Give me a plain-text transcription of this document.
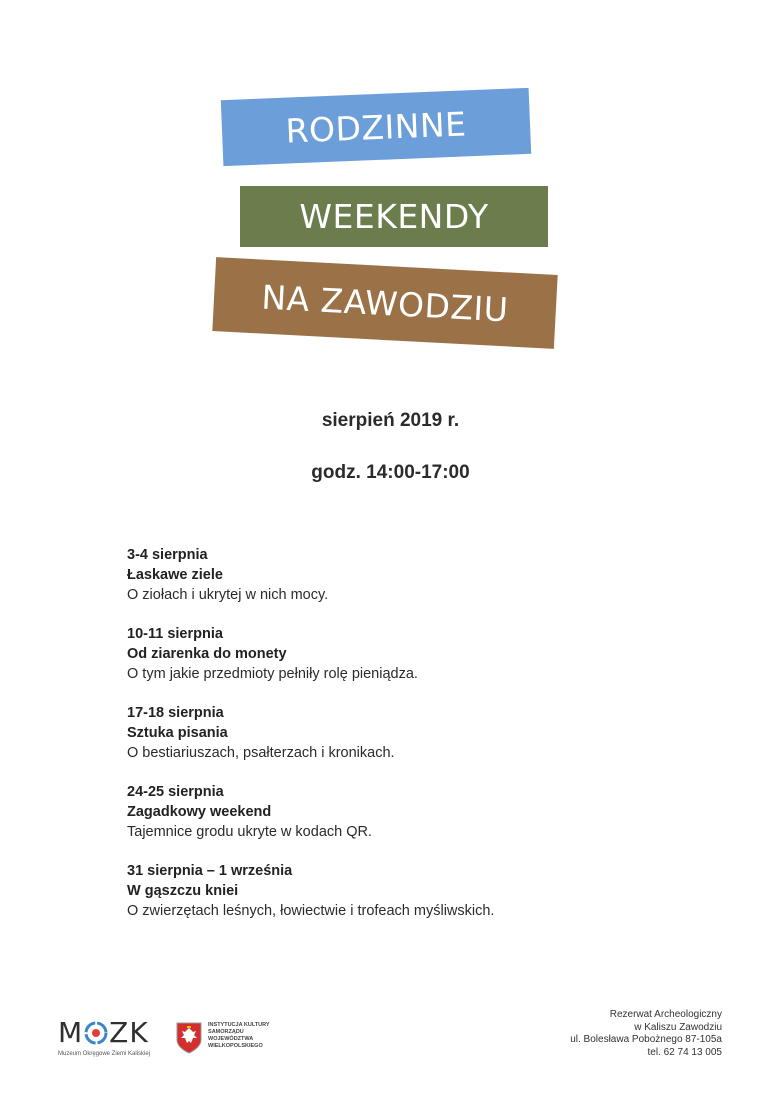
RODZINNE
WEEKENDY
NA ZAWODZIU
sierpień 2019 r.
godz. 14:00-17:00
3-4 sierpnia
Łaskawe ziele
O ziołach i ukrytej w nich mocy.
10-11 sierpnia
Od ziarenka do monety
O tym jakie przedmioty pełniły rolę pieniądza.
17-18 sierpnia
Sztuka pisania
O bestiariuszach, psałterzach i kronikach.
24-25 sierpnia
Zagadkowy weekend
Tajemnice grodu ukryte w kodach QR.
31 sierpnia – 1 września
W gąszczu kniei
O zwierzętach leśnych, łowiectwie i trofeach myśliwskich.
M ZK
Muzeum Okręgowe Ziemi Kaliskiej
INSTYTUCJA KULTURY SAMORZĄDU WOJEWÓDZTWA WIELKOPOLSKIEGO
Rezerwat Archeologiczny
w Kaliszu Zawodziu
ul. Bolesława Pobożnego 87-105a
tel. 62 74 13 005
